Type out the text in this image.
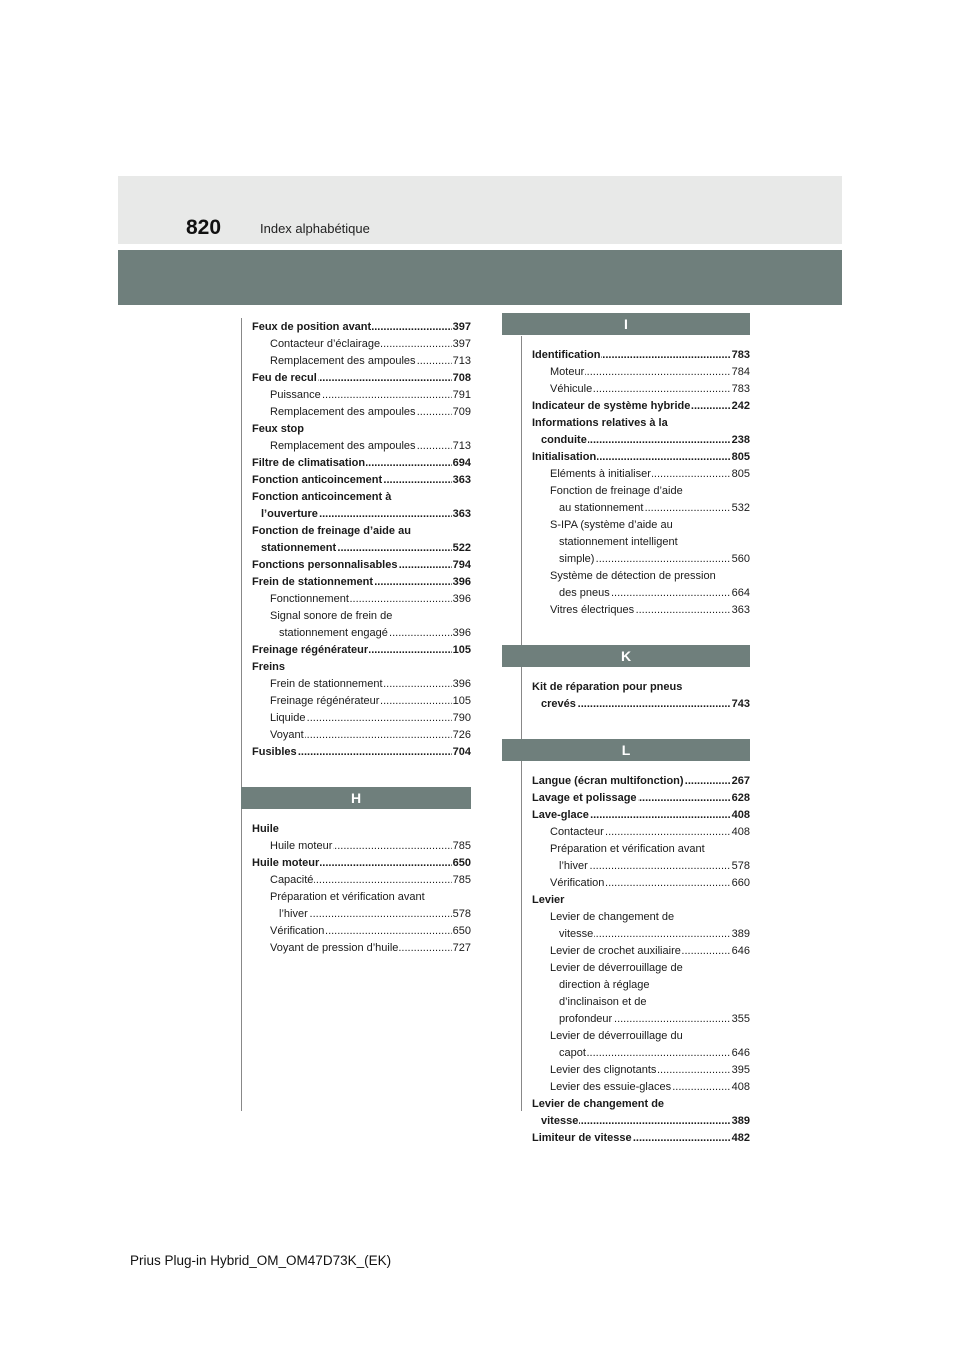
820	Index alphabétique
.....
Feux de position avant	397
.....
Contacteur d’éclairage	397
.....
Remplacement des ampoules	713
.....
Feu de recul	708
.....
Puissance	791
.....
Remplacement des ampoules	709
Feux stop
.....
Remplacement des ampoules	713
.....
Filtre de climatisation	694
.....
Fonction anticoincement	363
Fonction anticoincement à
.....
l’ouverture	363
Fonction de freinage d’aide au
.....
stationnement	522
.....
Fonctions personnalisables	794
.....
Frein de stationnement	396
.....
Fonctionnement	396
Signal sonore de frein de
.....
stationnement engagé	396
.....
Freinage régénérateur	105
Freins
.....
Frein de stationnement	396
.....
Freinage régénérateur	105
.....
Liquide	790
.....
Voyant	726
.....
Fusibles	704
H
Huile
.....
Huile moteur	785
.....
Huile moteur	650
.....
Capacité	785
Préparation et vérification avant
.....
l’hiver	578
.....
Vérification	650
.....
Voyant de pression d’huile	727
I
.....
Identification	783
.....
Moteur	784
.....
Véhicule	783
.....
Indicateur de système hybride	242
Informations relatives à la
.....
conduite	238
.....
Initialisation	805
.....
Eléments à initialiser	805
Fonction de freinage d’aide
.....
au stationnement	532
S-IPA (système d’aide au
stationnement intelligent
.....
simple)	560
Système de détection de pression
.....
des pneus	664
.....
Vitres électriques	363
K
Kit de réparation pour pneus
.....
crevés	743
L
.....
Langue (écran multifonction)	267
.....
Lavage et polissage	628
.....
Lave-glace	408
.....
Contacteur	408
Préparation et vérification avant
.....
l’hiver	578
.....
Vérification	660
Levier
Levier de changement de
.....
vitesse	389
.....
Levier de crochet auxiliaire	646
Levier de déverrouillage de
direction à réglage
d’inclinaison et de
.....
profondeur	355
Levier de déverrouillage du
.....
capot	646
.....
Levier des clignotants	395
.....
Levier des essuie-glaces	408
Levier de changement de
.....
vitesse	389
.....
Limiteur de vitesse	482
Prius Plug-in Hybrid_OM_OM47D73K_(EK)
